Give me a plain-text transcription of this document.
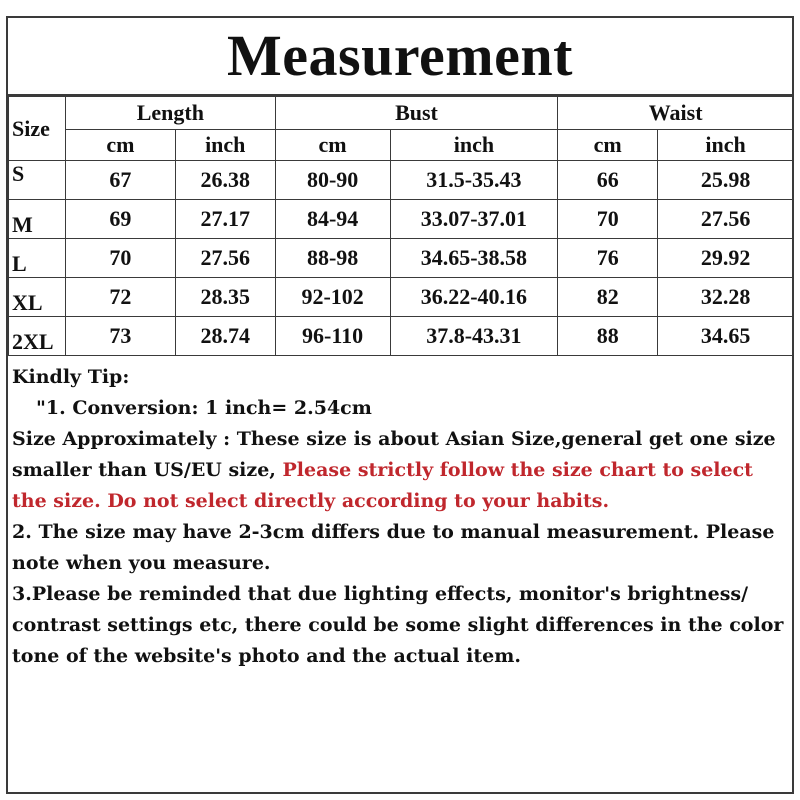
Measurement
Size	Length		Bust		Waist	
	cm	inch	cm	inch	cm	inch
S	67	26.38	80-90	31.5-35.43	66	25.98
M	69	27.17	84-94	33.07-37.01	70	27.56
L	70	27.56	88-98	34.65-38.58	76	29.92
XL	72	28.35	92-102	36.22-40.16	82	32.28
2XL	73	28.74	96-110	37.8-43.31	88	34.65

Kindly Tip:

"1. Conversion: 1 inch= 2.54cm

Size Approximately : These size is about Asian Size,general get one size smaller than US/EU size, Please strictly follow the size chart to select the size. Do not select directly according to your habits.

2. The size may have 2-3cm differs due to manual measurement. Please note when you measure.

3.Please be reminded that due lighting effects, monitor's brightness/ contrast settings etc, there could be some slight differences in the color tone of the website's photo and the actual item.
